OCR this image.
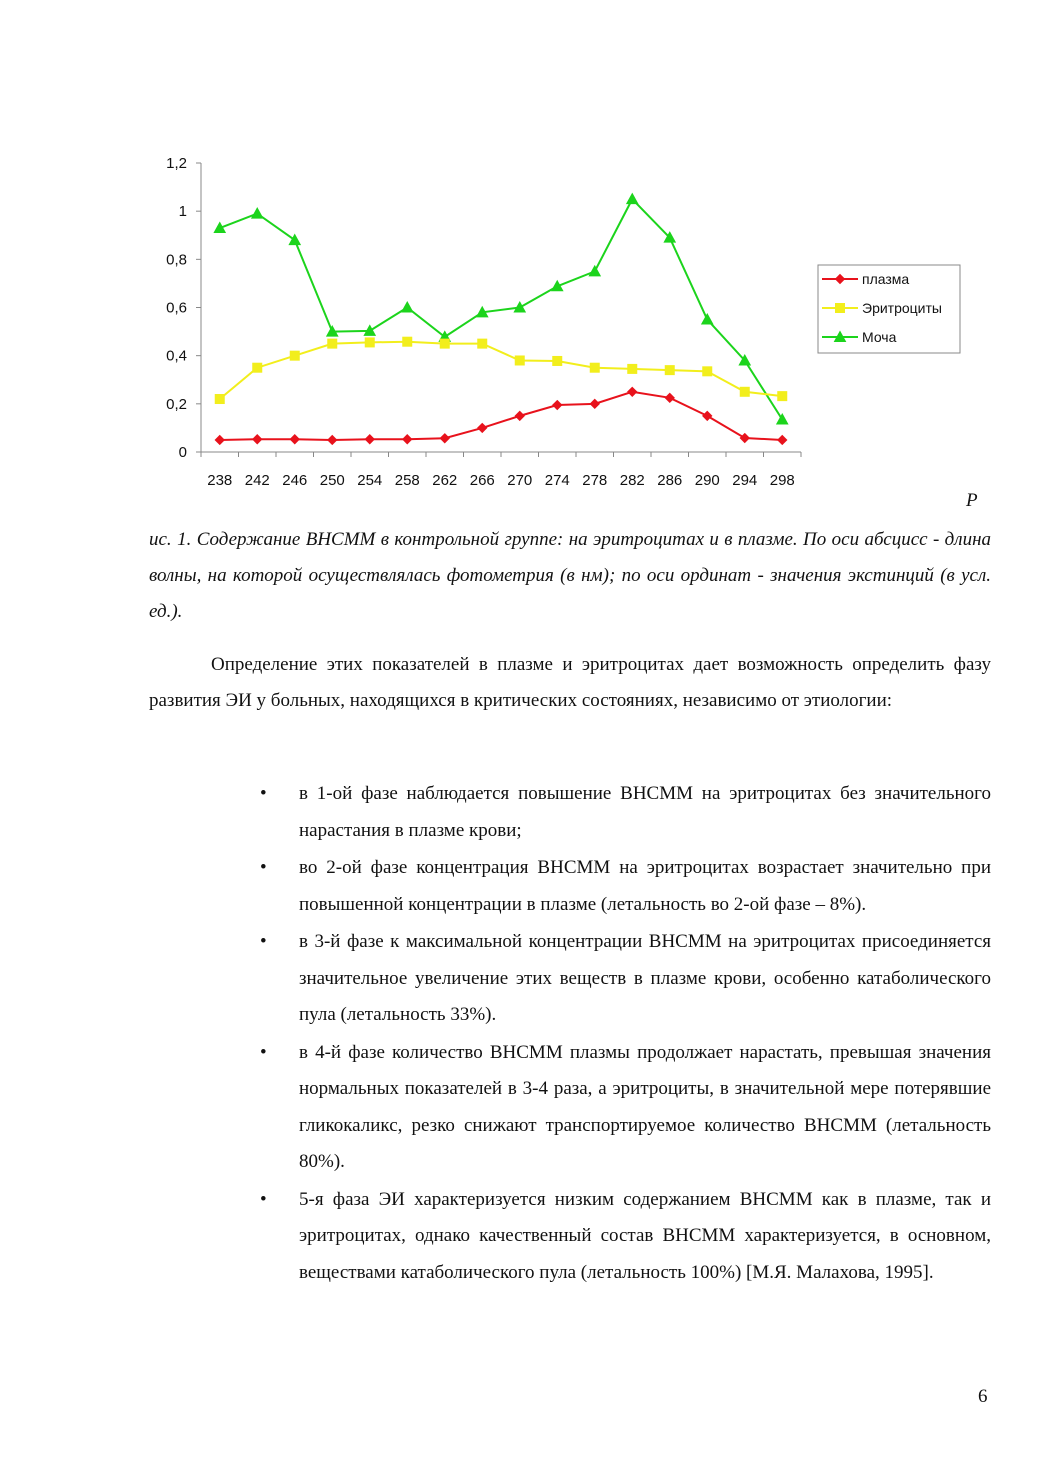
0
0,2
0,4
0,6
0,8
1
1,2
238 242 246 250 254 258 262 266 270 274 278 282 286 290 294 298
плазма
Эритроциты
Моча
Р
ис. 1. Содержание ВНСММ в контрольной группе: на эритроцитах и в плазме. По оси абсцисс - длина волны, на которой осуществлялась фотометрия (в нм); по оси ординат - значения экстинций (в усл. ед.).
Определение этих показателей в плазме и эритроцитах дает возможность определить фазу развития ЭИ у больных, находящихся в критических состояниях, независимо от этиологии:
• в 1-ой фазе наблюдается повышение ВНСММ на эритроцитах без значительного нарастания в плазме крови;
• во 2-ой фазе концентрация ВНСММ на эритроцитах возрастает значительно при повышенной концентрации в плазме (летальность во 2-ой фазе – 8%).
• в 3-й фазе к максимальной концентрации ВНСММ на эритроцитах присоединяется значительное увеличение этих веществ в плазме крови, особенно катаболического пула (летальность 33%).
• в 4-й фазе количество ВНСММ плазмы продолжает нарастать, превышая значения нормальных показателей в 3-4 раза, а эритроциты, в значительной мере потерявшие гликокаликс, резко снижают транспортируемое количество ВНСММ (летальность 80%).
• 5-я фаза ЭИ характеризуется низким содержанием ВНСММ как в плазме, так и эритроцитах, однако качественный состав ВНСММ характеризуется, в основном, веществами катаболического пула (летальность 100%) [М.Я. Малахова, 1995].
6
